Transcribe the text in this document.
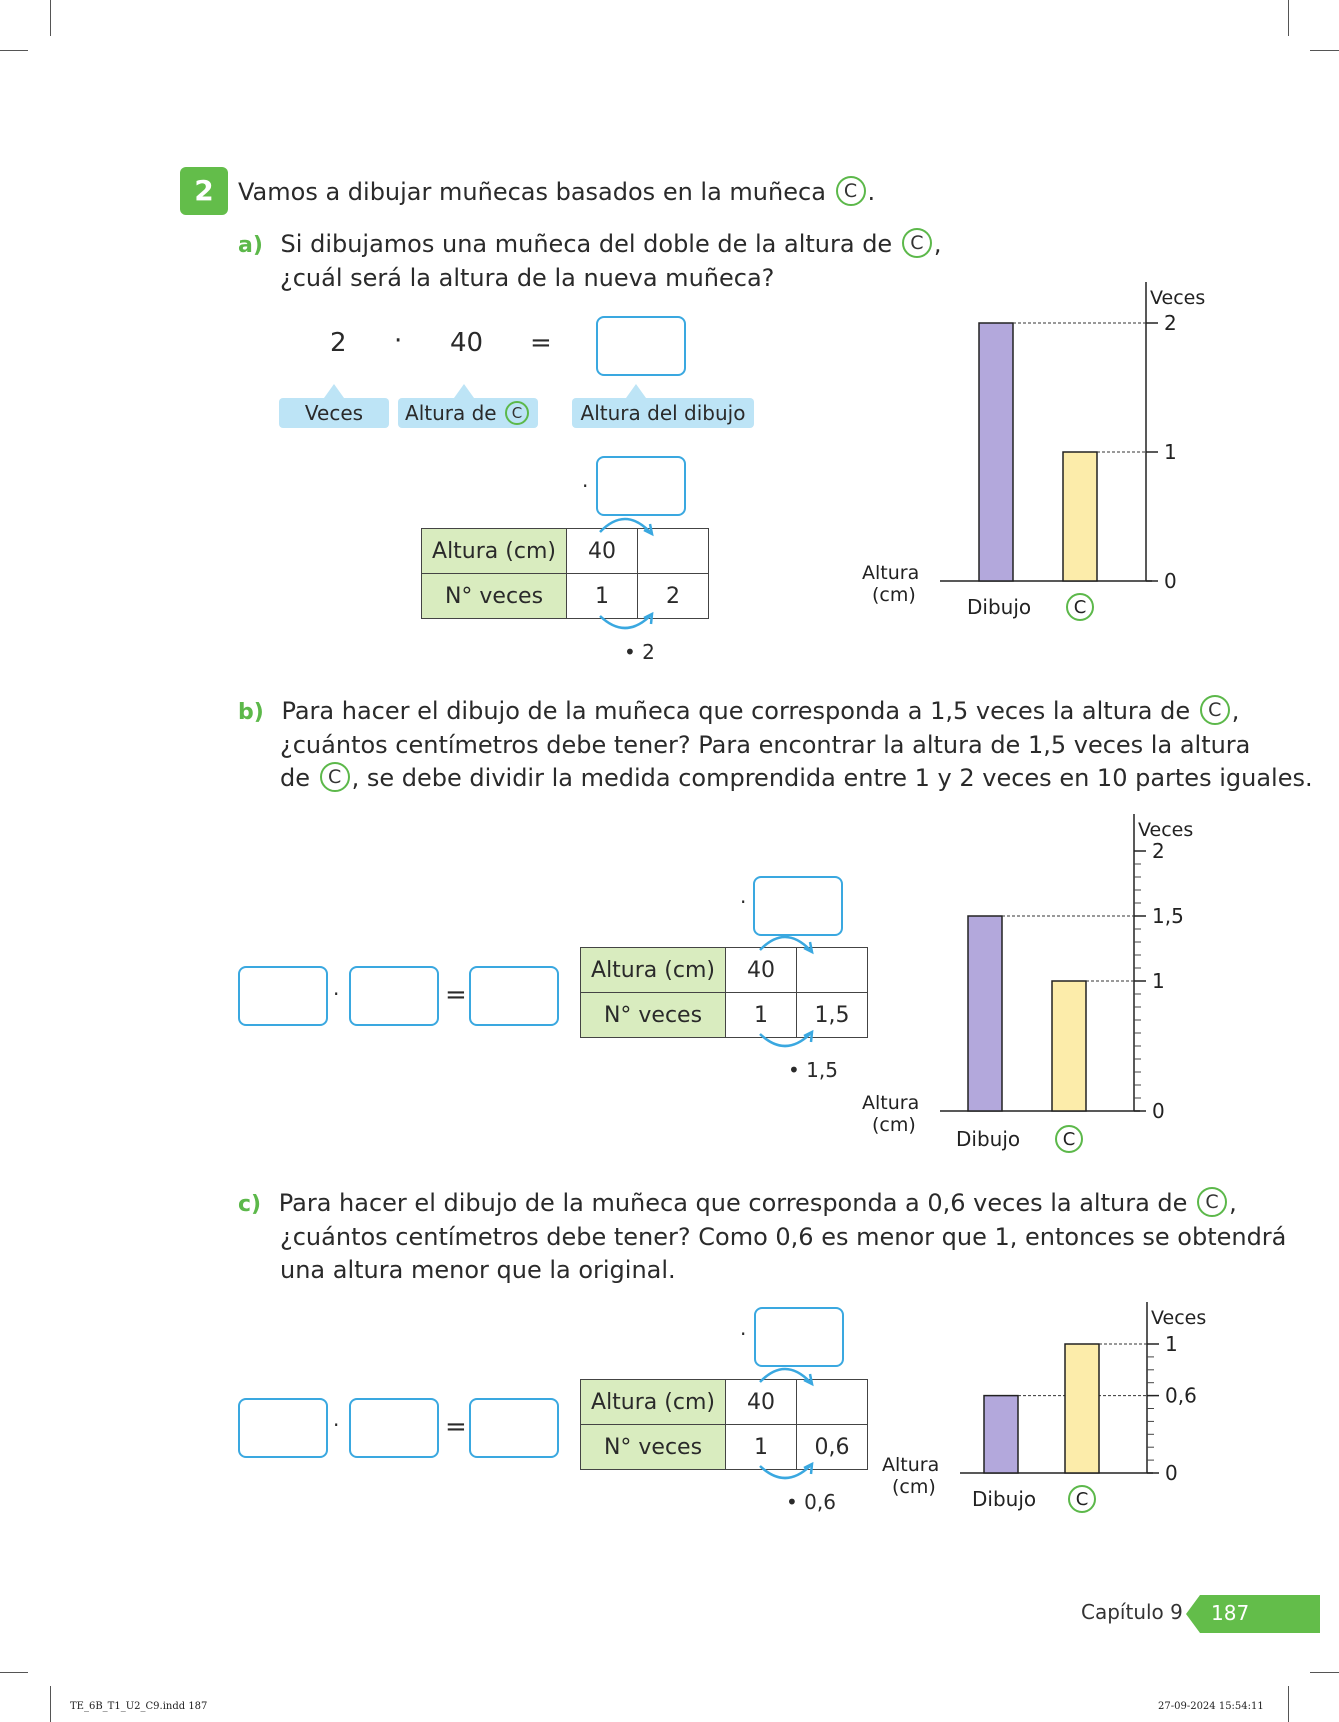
2	Vamos a dibujar muñecas basados en la muñeca C .
a) Si dibujamos una muñeca del doble de la altura de C ,
¿cuál será la altura de la nueva muñeca?
2 · 40 =
Veces	Altura de C	Altura del dibujo
·
Altura (cm)	40	
N° veces	1	2
• 2
Veces
0
1
2
Altura
(cm)	Dibujo C
b) Para hacer el dibujo de la muñeca que corresponda a 1,5 veces la altura de C ,
¿cuántos centímetros debe tener? Para encontrar la altura de 1,5 veces la altura
de C , se debe dividir la medida comprendida entre 1 y 2 veces en 10 partes iguales.
·	=
·
Altura (cm)	40	
N° veces	1	1,5
• 1,5
Veces
0
1
1,5
2
Altura
(cm)
Dibujo C
c) Para hacer el dibujo de la muñeca que corresponda a 0,6 veces la altura de C ,
¿cuántos centímetros debe tener? Como 0,6 es menor que 1, entonces se obtendrá
una altura menor que la original.
·	=
·
Altura (cm)	40	
N° veces	1	0,6
• 0,6
Veces
0
0,6
1
Altura
(cm) Dibujo C
Capítulo 9 187
TE_6B_T1_U2_C9.indd 187	27-09-2024 15:54:11
